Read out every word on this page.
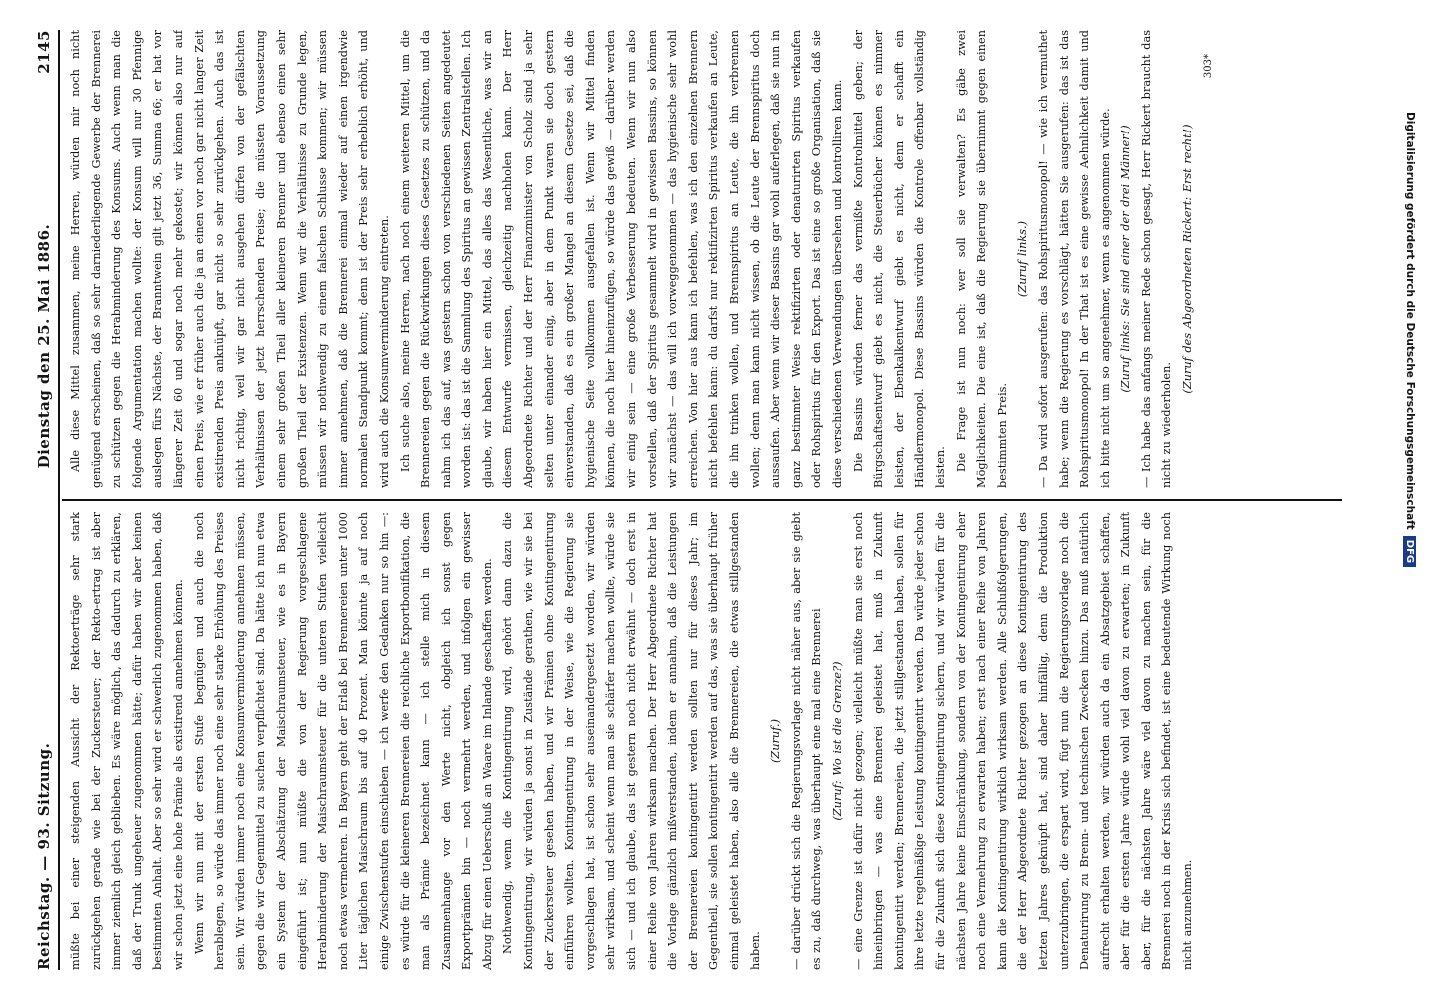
Reichstag. — 93. Sitzung.
Dienstag den 25. Mai 1886.
2145

müßte bei einer steigenden Aussicht der Rektoerträge sehr stark zurückgehen gerade wie bei der Zuckersteuer; der Rekto-ertrag ist aber immer ziemlich gleich geblieben. Es wäre möglich, das dadurch zu erklären, daß der Trunk ungeheuer zugenommen hätte; dafür haben wir aber keinen bestimmten Anhalt. Aber so sehr wird er schwerlich zugenommen haben, daß wir schon jetzt eine hohe Prämie als existirend annehmen können. Wenn wir nun mit der ersten Stufe begnügen und auch die noch herablegen, so würde das immer noch eine sehr starke Erhöhung des Preises sein. Wir würden immer noch eine Konsumverminderung annehmen müssen, gegen die wir Gegenmittel zu suchen verpflichtet sind. Da hätte ich nun etwa ein System der Abschätzung der Maischraumsteuer, wie es in Bayern eingeführt ist; nun müßte die von der Regierung vorgeschlagene Herabminderung der Maischraumsteuer für die unteren Stufen vielleicht noch etwas vermehren. In Bayern geht der Erlaß bei Brennereien unter 1000 Liter täglichen Maischraum bis auf 40 Prozent. Man könnte ja auf noch einige Zwischenstufen einschieben — ich werfe den Gedanken nur so hin —: es würde für die kleineren Brennereien die reichliche Exportbonifikation, die man als Prämie bezeichnet kann — ich stelle mich in diesem Zusammenhange vor den Werte nicht, obgleich ich sonst gegen Exportprämien bin — noch vermehrt werden, und infolgen ein gewisser Abzug für einen Ueberschuß an Waare im Inlande geschaffen werden. Nothwendig, wenn die Kontingentirung wird, gehört dann dazu die Kontingentirung, wir würden ja sonst in Zustände gerathen, wie wir sie bei der Zuckersteuer gesehen haben, und wir Prämien ohne Kontingentirung einführen wollten. Kontingentirung in der Weise, wie die Regierung sie vorgeschlagen hat, ist schon sehr auseinandergesetzt worden, wir würden sehr wirksam, und scheint wenn man sie schärfer machen wollte, würde sie sich — und ich glaube, das ist gestern noch nicht erwähnt — doch erst in einer Reihe von Jahren wirksam machen. Der Herr Abgeordnete Richter hat die Vorlage gänzlich mißverstanden, indem er annahm, daß die Leistungen der Brennereien kontingentirt werden sollten nur für dieses Jahr; im Gegentheil, sie sollen kontingentirt werden auf das, was sie überhaupt früher einmal geleistet haben, also alle die Brennereien, die etwas stillgestanden haben.

(Zuruf.) — darüber drückt sich die Regierungsvorlage nicht näher aus, aber sie giebt es zu, daß durchweg, was überhaupt eine mal eine Brennerei (Zuruf: Wo ist die Grenze?) — eine Grenze ist dafür nicht gezogen; vielleicht müßte man sie erst noch hineinbringen — was eine Brennerei geleistet hat, muß in Zukunft kontingentirt werden; Brennereien, die jetzt stillgestanden haben, sollen für ihre letzte regelmäßige Leistung kontingentirt werden. Da würde jeder schon für die Zukunft sich diese Kontingentirung sichern, und wir würden für die nächsten Jahre keine Einschränkung, sondern von der Kontingentirung eher noch eine Vermehrung zu erwarten haben; erst nach einer Reihe von Jahren kann die Kontingentirung wirklich wirksam werden. Alle Schlußfolgerungen, die der Herr Abgeordnete Richter gezogen an diese Kontingentirung des letzten Jahres geknüpft hat, sind daher hinfällig, denn die Produktion unterzubringen, die erspart wird, fügt nun die Regierungsvorlage noch die Denaturirung zu Brenn- und technischen Zwecken hinzu. Das muß natürlich aufrecht erhalten werden, wir würden auch da ein Absatzgebiet schaffen, aber für die ersten Jahre würde wohl viel davon zu erwarten; in Zukunft aber, für die nächsten Jahre wäre viel davon zu machen sein, für die Brennerei noch in der Krisis sich befindet, ist eine bedeutende Wirkung noch nicht anzunehmen.

Alle diese Mittel zusammen, meine Herren, würden mir noch nicht genügend erscheinen, daß so sehr darniederliegende Gewerbe der Brennerei zu schützen gegen die Herabminderung des Konsums. Auch wenn man die folgende Argumentation machen wollte: der Konsum will nur 30 Pfennige auslegen fürs Nächste, der Branntwein gilt jetzt 36, Summa 66; er hat vor längerer Zeit 60 und sogar noch mehr gekostet; wir können also nur auf einen Preis, wie er früher auch die ja an einen vor noch gar nicht langer Zeit existirenden Preis anknüpft, gar nicht so sehr zurückgehen. Auch das ist nicht richtig, weil wir gar nicht ausgehen dürfen von der gefälschten Verhältnissen der jetzt herrschenden Preise; die müssten Voraussetzung einem sehr großen Theil aller kleineren Brenner und ebenso einen sehr großen Theil der Existenzen. Wenn wir die Verhältnisse zu Grunde legen, müssen wir nothwendig zu einem falschen Schlusse kommen; wir müssen immer annehmen, daß die Brennerei einmal wieder auf einen irgendwie normalen Standpunkt kommt; denn ist der Preis sehr erheblich erhöht, und wird auch die Konsumverminderung eintreten. Ich suche also, meine Herren, nach noch einem weiteren Mittel, um die Brennereien gegen die Rückwirkungen dieses Gesetzes zu schützen, und da nahm ich das auf, was gestern schon von verschiedenen Seiten angedeutet worden ist: das ist die Sammlung des Spiritus an gewissen Zentralstellen. Ich glaube, wir haben hier ein Mittel, das alles das Wesentliche, was wir an diesem Entwurfe vermissen, gleichzeitig nachholen kann. Der Herr Abgeordnete Richter und der Herr Finanzminister von Scholz sind ja sehr selten unter einander einig, aber in dem Punkt waren sie doch gestern einverstanden, daß es ein großer Mangel an diesem Gesetze sei, daß die hygienische Seite vollkommen ausgefallen ist. Wenn wir Mittel finden können, die noch hier hineinzufügen, so würde das gewiß — darüber werden wir einig sein — eine große Verbesserung bedeuten. Wenn wir nun also vorstellen, daß der Spiritus gesammelt wird in gewissen Bassins, so können wir zunächst — das will ich vorweggenommen — das hygienische sehr wohl erreichen. Von hier aus kann ich befehlen, was ich den einzelnen Brennern nicht befehlen kann: du darfst nur rektifizirten Spiritus verkaufen an Leute, die ihn trinken wollen, und Brennspiritus an Leute, die ihn verbrennen wollen; denn man kann nicht wissen, ob die Leute der Brennspiritus doch aussaufen. Aber wenn wir dieser Bassins gar wohl auferlegen, daß sie nun in ganz bestimmter Weise rektifizirten oder denaturirten Spiritus verkaufen oder Rohspiritus für den Export. Das ist eine so große Organisation, daß sie diese verschiedenen Verwendungen übersehen und kontrolliren kann. Die Bassins würden ferner das vermißte Kontrolmittel geben; der Bürgschaftsentwurf giebt es nicht, die Steuerbücher können es nimmer leisten, der Ebenkalkentwurf giebt es nicht, denn er schafft ein Händlermonopol. Diese Bassins würden die Kontrole offenbar vollständig leisten. Die Frage ist nun noch: wer soll sie verwalten? Es gäbe zwei Möglichkeiten. Die eine ist, daß die Regierung sie übernimmt gegen einen bestimmten Preis.

(Zuruf links.) — Da wird sofort ausgerufen: das Rohspiritusmonopol! — wie ich vermuthet habe; wenn die Regierung es vorschlägt, hätten Sie ausgerufen: das ist das Rohspiritusmonopol! In der That ist es eine gewisse Aehnlichkeit damit und ich bitte nicht um so angenehmer, wenn es angenommen würde. (Zuruf links: Sie sind einer der drei Männer!) — Ich habe das anfangs meiner Rede schon gesagt, Herr Rickert braucht das nicht zu wiederholen.

(Zuruf des Abgeordneten Rickert: Erst recht!)

303*

Digitalisierung gefördert durch die Deutsche Forschungsgemeinschaft
DFG
